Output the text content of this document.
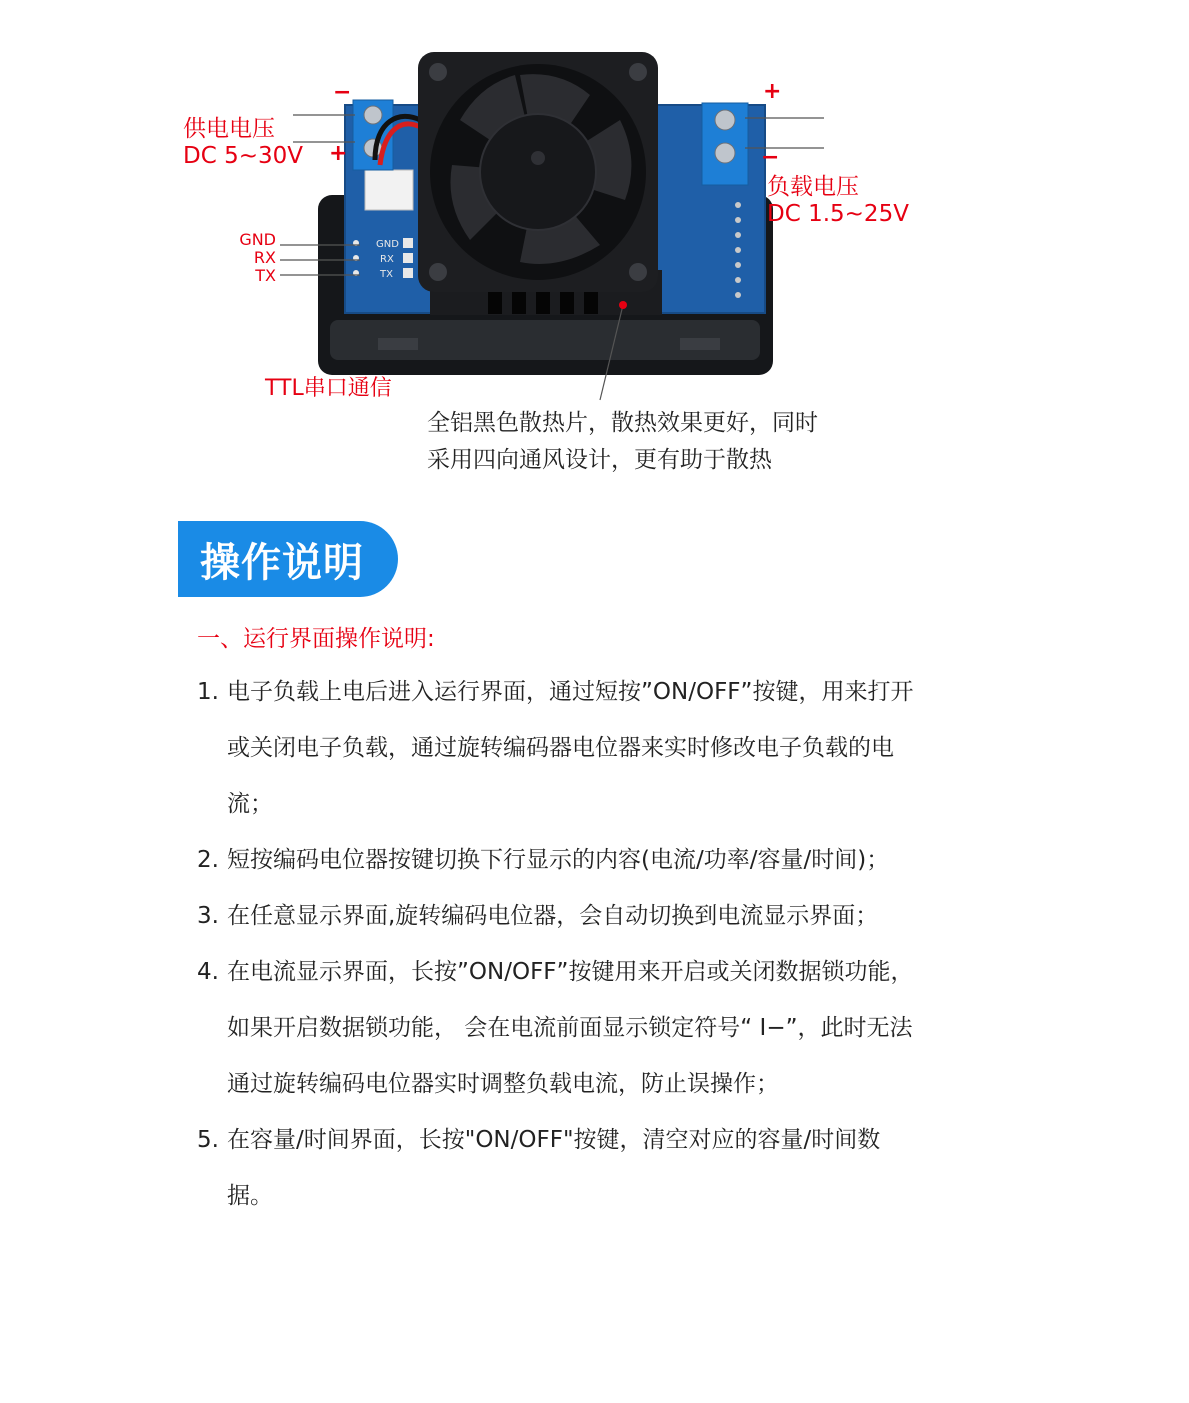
GND
RX
TX
供电电压
DC 5~30V
−
+
负载电压
DC 1.5~25V
+
−
GND
RX
TX
TTL串口通信
全铝黑色散热片，散热效果更好，同时
采用四向通风设计，更有助于散热
操作说明
一、运行界面操作说明:
1. 电子负载上电后进入运行界面，通过短按”ON/OFF”按键，用来打开或关闭电子负载，通过旋转编码器电位器来实时修改电子负载的电流；
2. 短按编码电位器按键切换下行显示的内容(电流/功率/容量/时间)；
3. 在任意显示界面,旋转编码电位器，会自动切换到电流显示界面；
4. 在电流显示界面，长按”ON/OFF”按键用来开启或关闭数据锁功能，如果开启数据锁功能， 会在电流前面显示锁定符号“ I−”，此时无法通过旋转编码电位器实时调整负载电流，防止误操作；
5. 在容量/时间界面，长按"ON/OFF"按键，清空对应的容量/时间数据。
